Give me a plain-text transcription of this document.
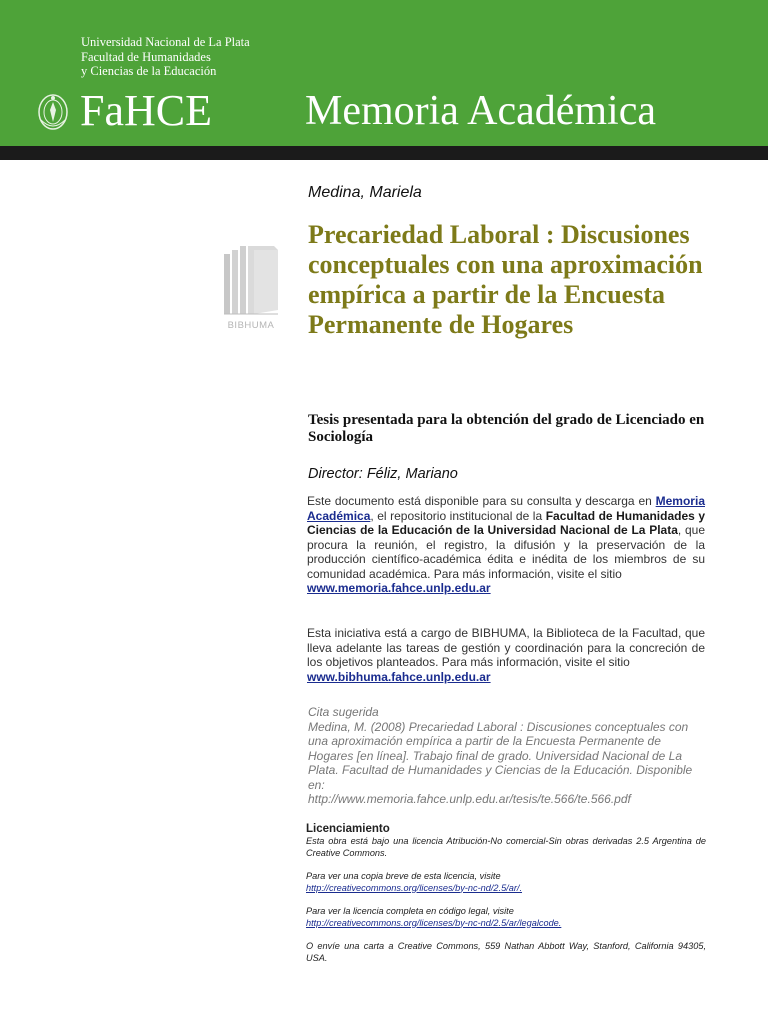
Universidad Nacional de La Plata
Facultad de Humanidades
y Ciencias de la Educación
FaHCE Memoria Académica
BIBHUMA
Medina, Mariela
Precariedad Laboral : Discusiones conceptuales con una aproximación empírica a partir de la Encuesta Permanente de Hogares
Tesis presentada para la obtención del grado de Licenciado en Sociología
Director: Féliz, Mariano
Este documento está disponible para su consulta y descarga en Memoria Académica, el repositorio institucional de la Facultad de Humanidades y Ciencias de la Educación de la Universidad Nacional de La Plata, que procura la reunión, el registro, la difusión y la preservación de la producción científico-académica édita e inédita de los miembros de su comunidad académica. Para más información, visite el sitio
www.memoria.fahce.unlp.edu.ar
Esta iniciativa está a cargo de BIBHUMA, la Biblioteca de la Facultad, que lleva adelante las tareas de gestión y coordinación para la concreción de los objetivos planteados. Para más información, visite el sitio
www.bibhuma.fahce.unlp.edu.ar
Cita sugerida
Medina, M. (2008) Precariedad Laboral : Discusiones conceptuales con una aproximación empírica a partir de la Encuesta Permanente de Hogares [en línea]. Trabajo final de grado. Universidad Nacional de La Plata. Facultad de Humanidades y Ciencias de la Educación. Disponible en:
http://www.memoria.fahce.unlp.edu.ar/tesis/te.566/te.566.pdf
Licenciamiento
Esta obra está bajo una licencia Atribución-No comercial-Sin obras derivadas 2.5 Argentina de Creative Commons.
Para ver una copia breve de esta licencia, visite
http://creativecommons.org/licenses/by-nc-nd/2.5/ar/.
Para ver la licencia completa en código legal, visite
http://creativecommons.org/licenses/by-nc-nd/2.5/ar/legalcode.
O envíe una carta a Creative Commons, 559 Nathan Abbott Way, Stanford, California 94305, USA.
